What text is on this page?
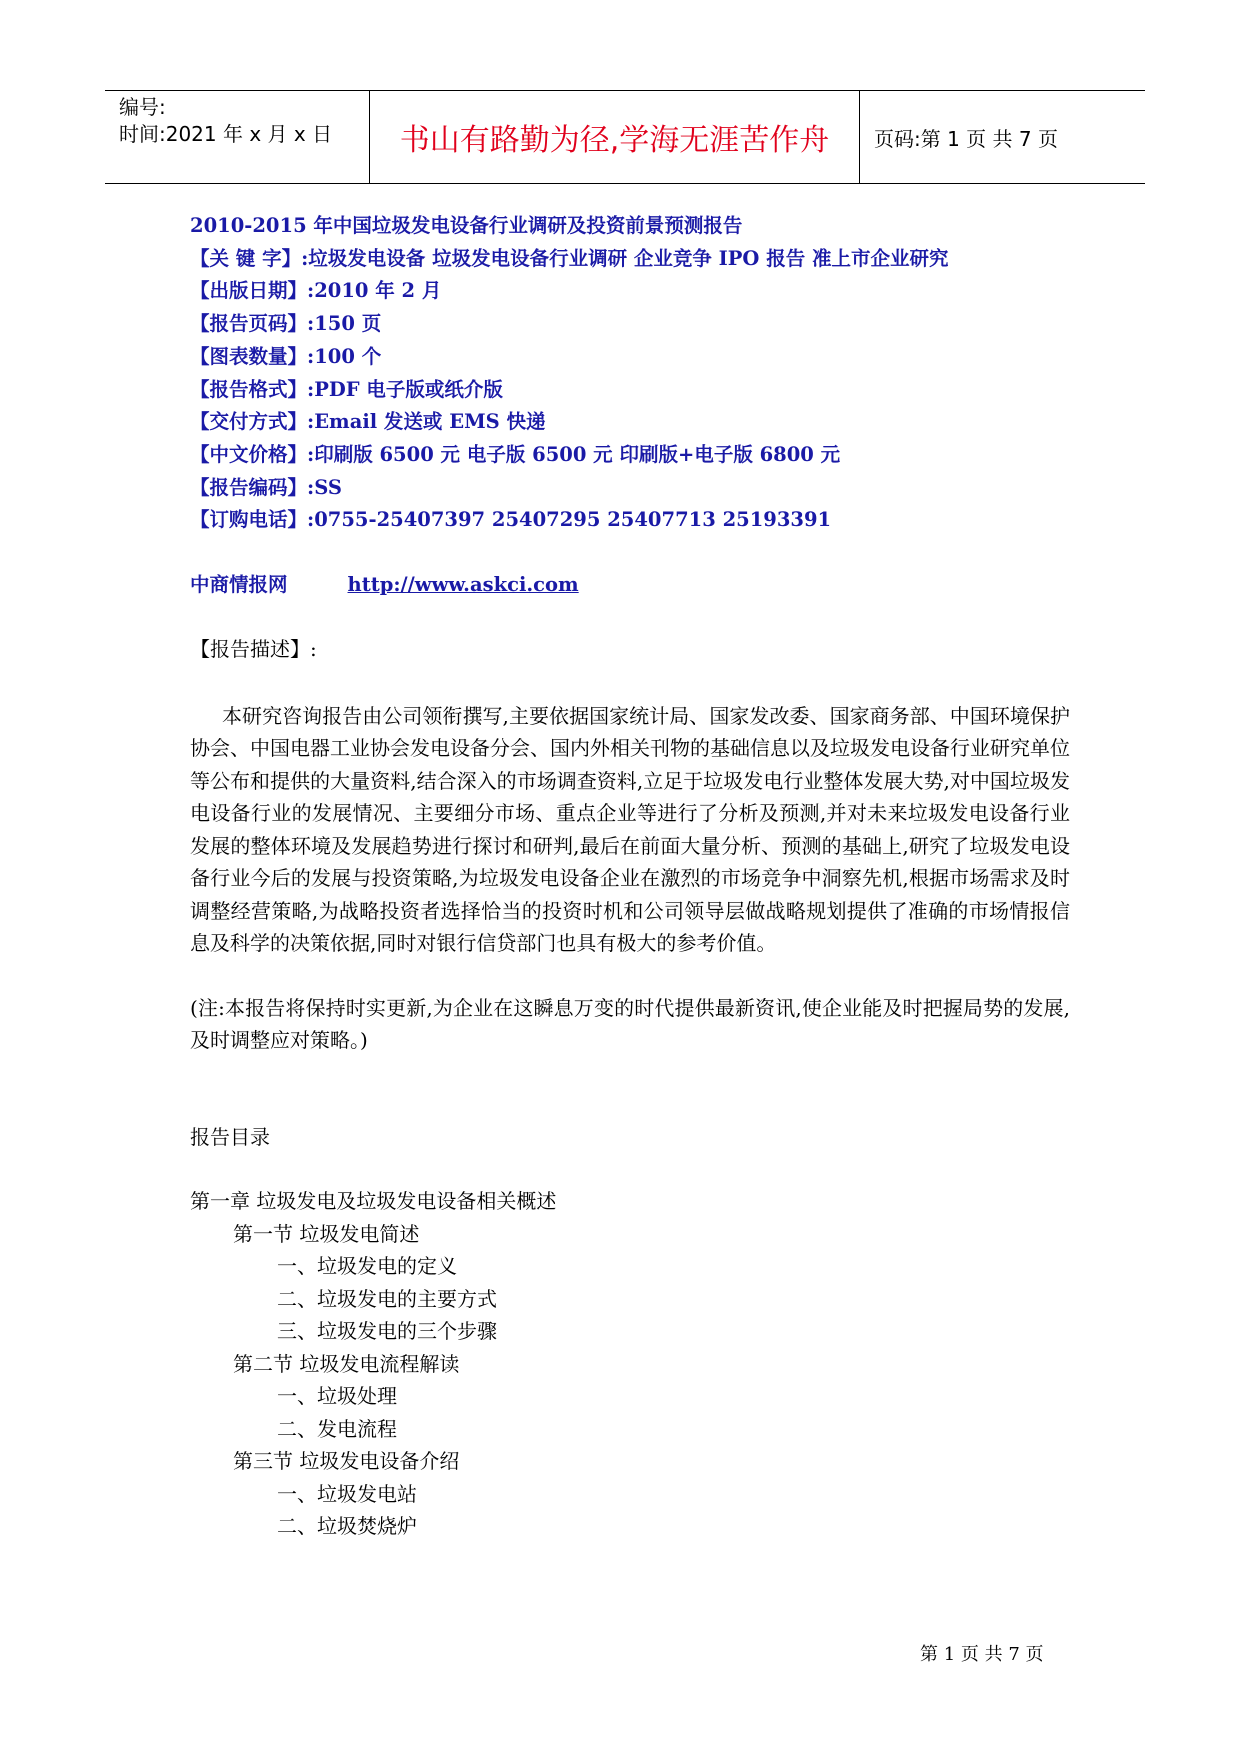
编号:
时间:2021 年 x 月 x 日	书山有路勤为径,学海无涯苦作舟	页码:第 1 页 共 7 页
2010-2015 年中国垃圾发电设备行业调研及投资前景预测报告
【关 键 字】:垃圾发电设备 垃圾发电设备行业调研 企业竞争 IPO 报告 准上市企业研究
【出版日期】:2010 年 2 月
【报告页码】:150 页
【图表数量】:100 个
【报告格式】:PDF 电子版或纸介版
【交付方式】:Email 发送或 EMS 快递
【中文价格】:印刷版 6500 元 电子版 6500 元 印刷版+电子版 6800 元
【报告编码】:SS
【订购电话】:0755-25407397 25407295 25407713 25193391
中商情报网	http://www.askci.com
【报告描述】:
本研究咨询报告由公司领衔撰写,主要依据国家统计局、国家发改委、国家商务部、中国环境保护协会、中国电器工业协会发电设备分会、国内外相关刊物的基础信息以及垃圾发电设备行业研究单位等公布和提供的大量资料,结合深入的市场调查资料,立足于垃圾发电行业整体发展大势,对中国垃圾发电设备行业的发展情况、主要细分市场、重点企业等进行了分析及预测,并对未来垃圾发电设备行业发展的整体环境及发展趋势进行探讨和研判,最后在前面大量分析、预测的基础上,研究了垃圾发电设备行业今后的发展与投资策略,为垃圾发电设备企业在激烈的市场竞争中洞察先机,根据市场需求及时调整经营策略,为战略投资者选择恰当的投资时机和公司领导层做战略规划提供了准确的市场情报信息及科学的决策依据,同时对银行信贷部门也具有极大的参考价值。
(注:本报告将保持时实更新,为企业在这瞬息万变的时代提供最新资讯,使企业能及时把握局势的发展,及时调整应对策略。)
报告目录
第一章 垃圾发电及垃圾发电设备相关概述
第一节 垃圾发电简述
一、垃圾发电的定义
二、垃圾发电的主要方式
三、垃圾发电的三个步骤
第二节 垃圾发电流程解读
一、垃圾处理
二、发电流程
第三节 垃圾发电设备介绍
一、垃圾发电站
二、垃圾焚烧炉
第 1 页 共 7 页
